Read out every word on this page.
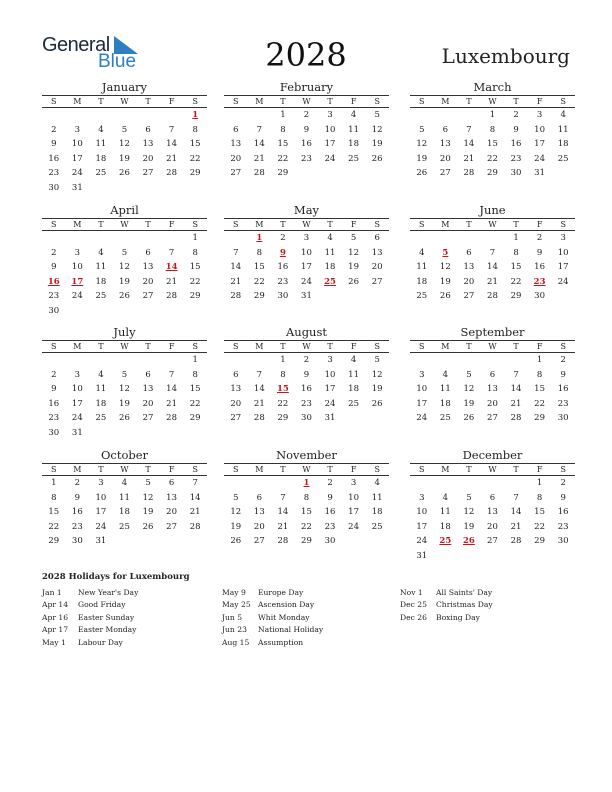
General
Blue	2028	Luxembourg
January
S	M	T	W	T	F	S
						1
2	3	4	5	6	7	8
9	10	11	12	13	14	15
16	17	18	19	20	21	22
23	24	25	26	27	28	29
30	31					
February
S	M	T	W	T	F	S
		1	2	3	4	5
6	7	8	9	10	11	12
13	14	15	16	17	18	19
20	21	22	23	24	25	26
27	28	29				
March
S	M	T	W	T	F	S
			1	2	3	4
5	6	7	8	9	10	11
12	13	14	15	16	17	18
19	20	21	22	23	24	25
26	27	28	29	30	31	
April
S	M	T	W	T	F	S
						1
2	3	4	5	6	7	8
9	10	11	12	13	14	15
16	17	18	19	20	21	22
23	24	25	26	27	28	29
30						
May
S	M	T	W	T	F	S
	1	2	3	4	5	6
7	8	9	10	11	12	13
14	15	16	17	18	19	20
21	22	23	24	25	26	27
28	29	30	31			
June
S	M	T	W	T	F	S
				1	2	3
4	5	6	7	8	9	10
11	12	13	14	15	16	17
18	19	20	21	22	23	24
25	26	27	28	29	30	
July
S	M	T	W	T	F	S
						1
2	3	4	5	6	7	8
9	10	11	12	13	14	15
16	17	18	19	20	21	22
23	24	25	26	27	28	29
30	31					
August
S	M	T	W	T	F	S
		1	2	3	4	5
6	7	8	9	10	11	12
13	14	15	16	17	18	19
20	21	22	23	24	25	26
27	28	29	30	31		
September
S	M	T	W	T	F	S
					1	2
3	4	5	6	7	8	9
10	11	12	13	14	15	16
17	18	19	20	21	22	23
24	25	26	27	28	29	30
October
S	M	T	W	T	F	S
1	2	3	4	5	6	7
8	9	10	11	12	13	14
15	16	17	18	19	20	21
22	23	24	25	26	27	28
29	30	31				
November
S	M	T	W	T	F	S
			1	2	3	4
5	6	7	8	9	10	11
12	13	14	15	16	17	18
19	20	21	22	23	24	25
26	27	28	29	30		
December
S	M	T	W	T	F	S
					1	2
3	4	5	6	7	8	9
10	11	12	13	14	15	16
17	18	19	20	21	22	23
24	25	26	27	28	29	30
31						
2028 Holidays for Luxembourg
Jan 1 New Year's Day
Apr 14 Good Friday
Apr 16 Easter Sunday
Apr 17 Easter Monday
May 1 Labour Day
May 9 Europe Day
May 25 Ascension Day
Jun 5 Whit Monday
Jun 23 National Holiday
Aug 15 Assumption
Nov 1 All Saints' Day
Dec 25 Christmas Day
Dec 26 Boxing Day
